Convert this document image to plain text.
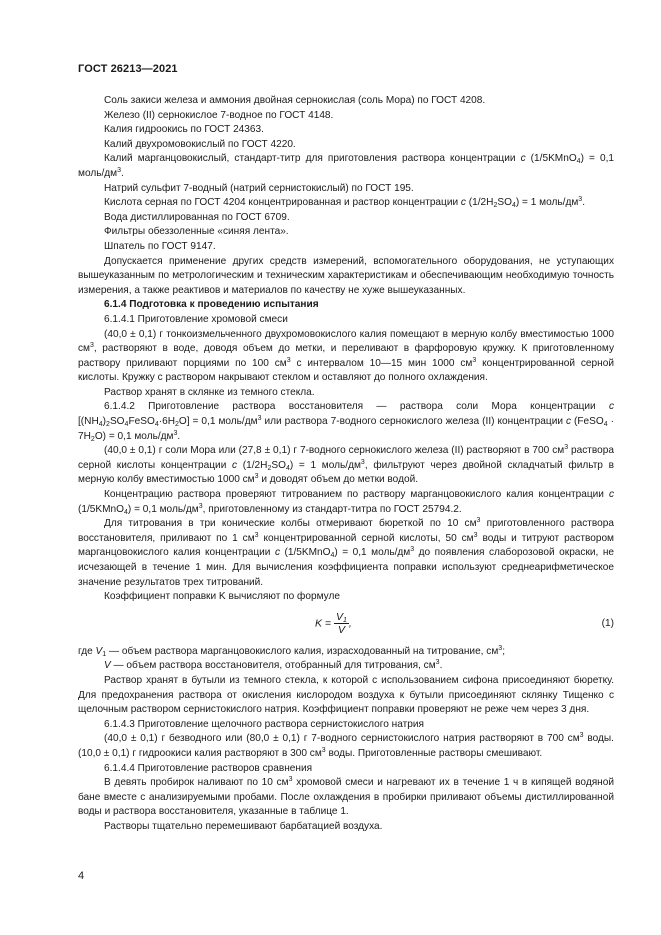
ГОСТ 26213—2021

Соль закиси железа и аммония двойная сернокислая (соль Мора) по ГОСТ 4208.

Железо (II) сернокислое 7-водное по ГОСТ 4148.

Калия гидроокись по ГОСТ 24363.

Калий двухромовокислый по ГОСТ 4220.

Калий марганцовокислый, стандарт-титр для приготовления раствора концентрации c (1/5KMnO$_4$) = 0,1 моль/$дм^3$.

Натрий сульфит 7-водный (натрий сернистокислый) по ГОСТ 195.

Кислота серная по ГОСТ 4204 концентрированная и раствор концентрации c $(1/2H_2SO_4) = 1$ моль/$дм^3$.

Вода дистиллированная по ГОСТ 6709.

Фильтры обеззоленные «синяя лента».

Шпатель по ГОСТ 9147.

Допускается применение других средств измерений, вспомогательного оборудования, не уступающих вышеуказанным по метрологическим и техническим характеристикам и обеспечивающим необходимую точность измерения, а также реактивов и материалов по качеству не хуже вышеуказанных.

6.1.4 Подготовка к проведению испытания

6.1.4.1 Приготовление хромовой смеси

(40,0 ± 0,1) г тонкоизмельченного двухромовокислого калия помещают в мерную колбу вместимостью 1000 $см^3$, растворяют в воде, доводя объем до метки, и переливают в фарфоровую кружку. К приготовленному раствору приливают порциями по 100 $см^3$ с интервалом 10—15 мин 1000 $см^3$ концентрированной серной кислоты. Кружку с раствором накрывают стеклом и оставляют до полного охлаждения.

Раствор хранят в склянке из темного стекла.

6.1.4.2 Приготовление раствора восстановителя — раствора соли Мора концентрации c $[(NH_4)_2SO_4FeSO_4\cdot 6H_2O] = 0,1$ моль/$дм^3$ или раствора 7-водного сернокислого железа (II) концентрации c (FeSO$_4$ · $7H_2O) = 0,1$ моль/$дм^3$.

(40,0 ± 0,1) г соли Мора или (27,8 ± 0,1) г 7-водного сернокислого железа (II) растворяют в 700 $см^3$ раствора серной кислоты концентрации c $(1/2H_2SO_4) = 1$ моль/$дм^3$, фильтруют через двойной складчатый фильтр в мерную колбу вместимостью 1000 $см^3$ и доводят объем до метки водой.

Концентрацию раствора проверяют титрованием по раствору марганцовокислого калия концентрации c (1/5KMnO$_4$) = 0,1 моль/$дм^3$, приготовленному из стандарт-титра по ГОСТ 25794.2.

Для титрования в три конические колбы отмеривают бюреткой по 10 $см^3$ приготовленного раствора восстановителя, приливают по 1 $см^3$ концентрированной серной кислоты, 50 $см^3$ воды и титруют раствором марганцовокислого калия концентрации c (1/5KMnO$_4$) = 0,1 моль/$дм^3$ до появления слаборозовой окраски, не исчезающей в течение 1 мин. Для вычисления коэффициента поправки используют среднеарифметическое значение результатов трех титрований.

Коэффициент поправки K вычисляют по формуле

$K = \frac{V_1}{V}$ ,	(1)

где $V_1$ — объем раствора марганцовокислого калия, израсходованный на титрование, $см^3$;

V — объем раствора восстановителя, отобранный для титрования, $см^3$.

Раствор хранят в бутыли из темного стекла, к которой с использованием сифона присоединяют бюретку. Для предохранения раствора от окисления кислородом воздуха к бутыли присоединяют склянку Тищенко с щелочным раствором сернистокислого натрия. Коэффициент поправки проверяют не реже чем через 3 дня.

6.1.4.3 Приготовление щелочного раствора сернистокислого натрия

(40,0 ± 0,1) г безводного или (80,0 ± 0,1) г 7-водного сернистокислого натрия растворяют в 700 $см^3$ воды. (10,0 ± 0,1) г гидроокиси калия растворяют в 300 $см^3$ воды. Приготовленные растворы смешивают.

6.1.4.4 Приготовление растворов сравнения

В девять пробирок наливают по 10 $см^3$ хромовой смеси и нагревают их в течение 1 ч в кипящей водяной бане вместе с анализируемыми пробами. После охлаждения в пробирки приливают объемы дистиллированной воды и раствора восстановителя, указанные в таблице 1.

Растворы тщательно перемешивают барбатацией воздуха.

4
